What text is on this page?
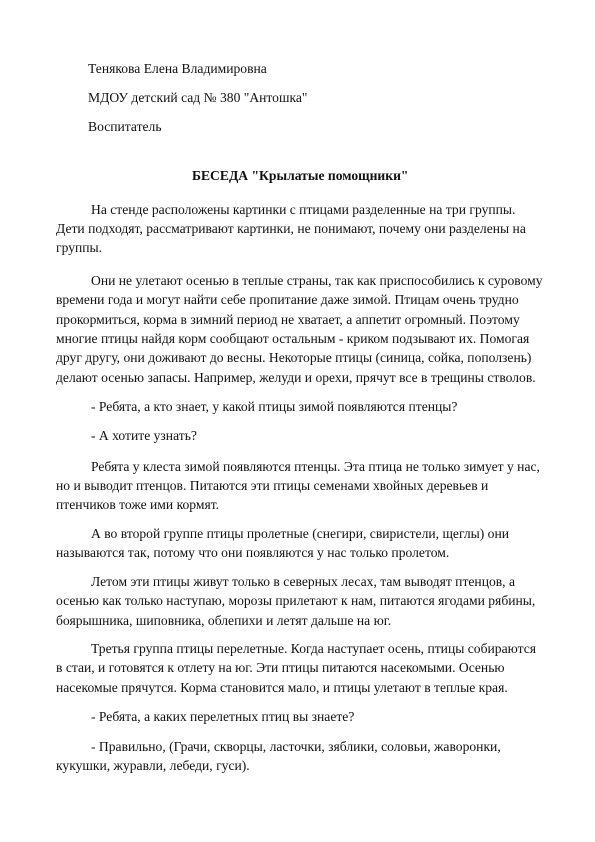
Тенякова Елена Владимировна
МДОУ детский сад № 380 "Антошка"
Воспитатель
БЕСЕДА "Крылатые помощники"
На стенде расположены картинки с птицами разделенные на три группы.
Дети подходят, рассматривают картинки, не понимают, почему они разделены на
группы.
Они не улетают осенью в теплые страны, так как приспособились к суровому
времени года и могут найти себе пропитание даже зимой. Птицам очень трудно
прокормиться, корма в зимний период не хватает, а аппетит огромный. Поэтому
многие птицы найдя корм сообщают остальным - криком подзывают их. Помогая
друг другу, они доживают до весны. Некоторые птицы (синица, сойка, поползень)
делают осенью запасы. Например, желуди и орехи, прячут все в трещины стволов.
- Ребята, а кто знает, у какой птицы зимой появляются птенцы?
- А хотите узнать?
Ребята у клеста зимой появляются птенцы. Эта птица не только зимует у нас,
но и выводит птенцов. Питаются эти птицы семенами хвойных деревьев и
птенчиков тоже ими кормят.
А во второй группе птицы пролетные (снегири, свиристели, щеглы) они
называются так, потому что они появляются у нас только пролетом.
Летом эти птицы живут только в северных лесах, там выводят птенцов, а
осенью как только наступаю, морозы прилетают к нам, питаются ягодами рябины,
боярышника, шиповника, облепихи и летят дальше на юг.
Третья группа птицы перелетные. Когда наступает осень, птицы собираются
в стаи, и готовятся к отлету на юг. Эти птицы питаются насекомыми. Осенью
насекомые прячутся. Корма становится мало, и птицы улетают в теплые края.
- Ребята, а каких перелетных птиц вы знаете?
- Правильно, (Грачи, скворцы, ласточки, зяблики, соловьи, жаворонки,
кукушки, журавли, лебеди, гуси).
